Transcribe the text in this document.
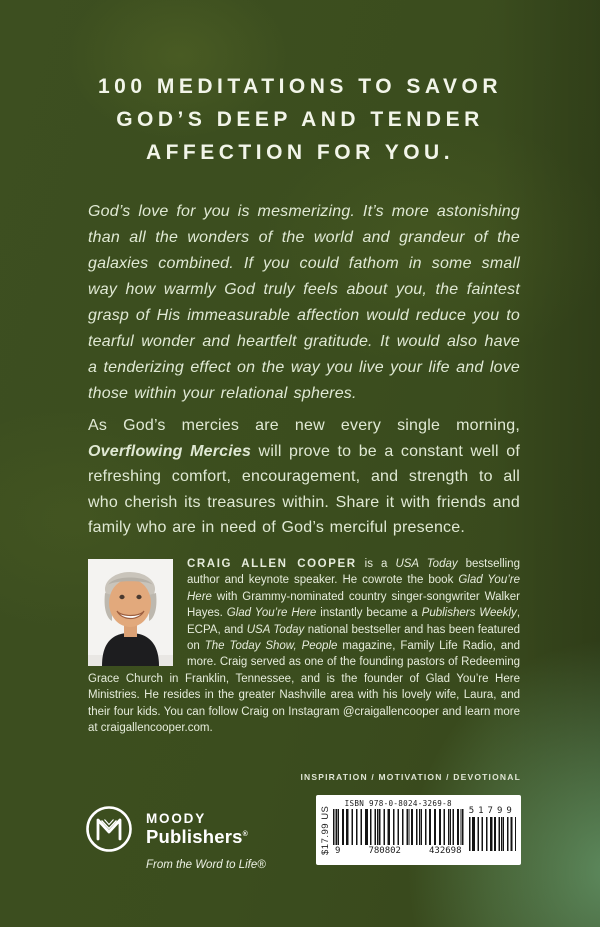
100 MEDITATIONS TO SAVOR
GOD’S DEEP AND TENDER
AFFECTION FOR YOU.

God’s love for you is mesmerizing. It’s more astonishing than all the wonders of the world and grandeur of the galaxies combined. If you could fathom in some small way how warmly God truly feels about you, the faintest grasp of His immeasurable affection would reduce you to tearful wonder and heartfelt gratitude. It would also have a tenderizing effect on the way you live your life and love those within your relational spheres.

As God’s mercies are new every single morning, Overflowing Mercies will prove to be a constant well of refreshing comfort, encouragement, and strength to all who cherish its treasures within. Share it with friends and family who are in need of God’s merciful presence.

CRAIG ALLEN COOPER is a USA Today bestselling author and keynote speaker. He cowrote the book Glad You’re Here with Grammy-nominated country singer-songwriter Walker Hayes. Glad You’re Here instantly became a Publishers Weekly, ECPA, and USA Today national bestseller and has been featured on The Today Show, People magazine, Family Life Radio, and more. Craig served as one of the founding pastors of Redeeming Grace Church in Franklin, Tennessee, and is the founder of Glad You’re Here Ministries. He resides in the greater Nashville area with his lovely wife, Laura, and their four kids. You can follow Craig on Instagram @craigallencooper and learn more at craigallencooper.com.
INSPIRATION / MOTIVATION / DEVOTIONAL
MOODY
Publishers®
From the Word to Life®
$17.99 US
ISBN 978-0-8024-3269-8
9	780802	432698
51799
